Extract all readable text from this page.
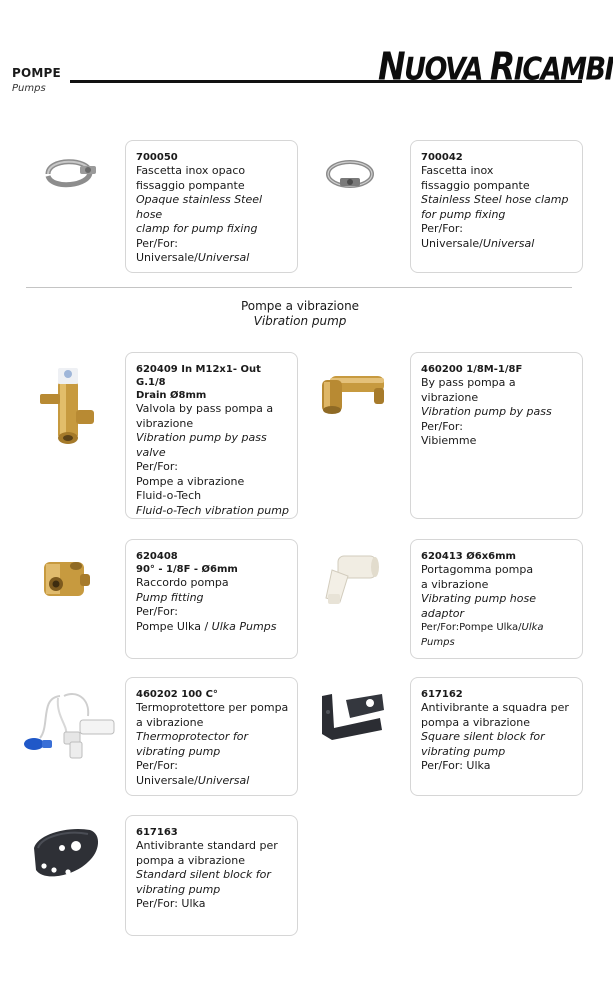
POMPE
Pumps	NUOVA RICAMBI
700050
Fascetta inox opaco
fissaggio pompante
Opaque stainless Steel hose
clamp for pump fixing
Per/For:
Universale/Universal
700042
Fascetta inox
fissaggio pompante
Stainless Steel hose clamp
for pump fixing
Per/For:
Universale/Universal
Pompe a vibrazione
Vibration pump
620409 In M12x1- Out G.1/8
Drain Ø8mm
Valvola by pass pompa a
vibrazione
Vibration pump by pass
valve
Per/For:
Pompe a vibrazione
Fluid-o-Tech
Fluid-o-Tech vibration pump
460200 1/8M-1/8F
By pass pompa a vibrazione
Vibration pump by pass
Per/For:
Vibiemme
620408
90° - 1/8F - Ø6mm
Raccordo pompa
Pump fitting
Per/For:
Pompe Ulka / Ulka Pumps
620413 Ø6x6mm
Portagomma pompa
a vibrazione
Vibrating pump hose
adaptor
Per/For:Pompe Ulka/Ulka Pumps
460202 100 C°
Termoprotettore per pompa
a vibrazione
Thermoprotector for
vibrating pump
Per/For: Universale/Universal
617162
Antivibrante a squadra per
pompa a vibrazione
Square silent block for
vibrating pump
Per/For: Ulka
617163
Antivibrante standard per
pompa a vibrazione
Standard silent block for
vibrating pump
Per/For: Ulka
